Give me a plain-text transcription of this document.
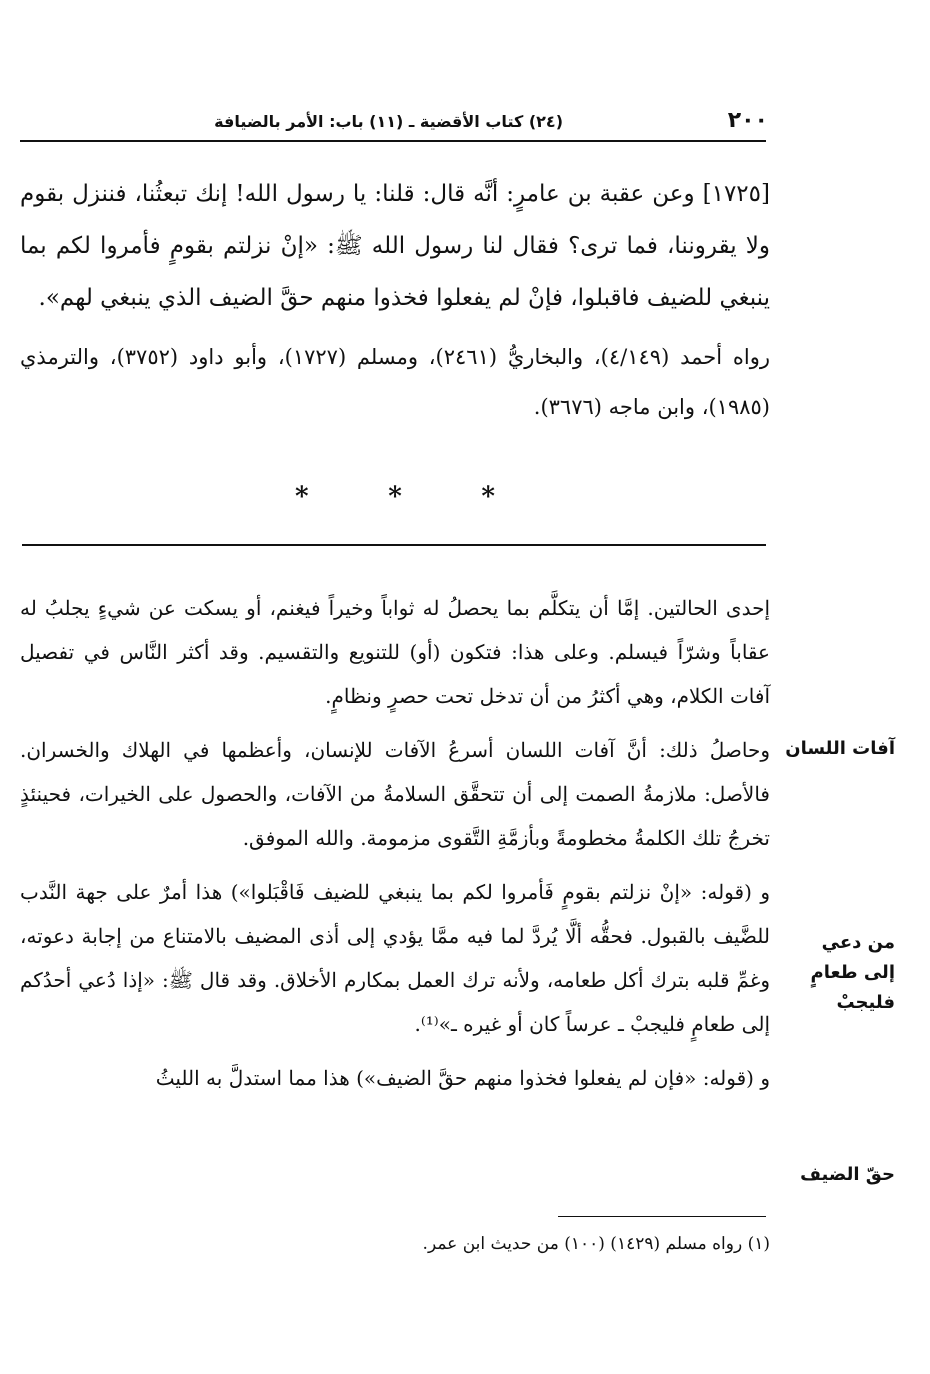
٢٠٠
(٢٤) كتاب الأقضية ـ (١١) باب: الأمر بالضيافة

[١٧٢٥] وعن عقبة بن عامرٍ: أنَّه قال: قلنا: يا رسول الله! إنك تبعثُنا، فننزل بقوم ولا يقروننا، فما ترى؟ فقال لنا رسول الله ﷺ: «إنْ نزلتم بقومٍ فأمروا لكم بما ينبغي للضيف فاقبلوا، فإنْ لم يفعلوا فخذوا منهم حقَّ الضيف الذي ينبغي لهم».

رواه أحمد (٤/١٤٩)، والبخاريُّ (٢٤٦١)، ومسلم (١٧٢٧)، وأبو داود (٣٧٥٢)، والترمذي (١٩٨٥)، وابن ماجه (٣٦٧٦).

*	*	*

إحدى الحالتين. إمَّا أن يتكلَّم بما يحصلُ له ثواباً وخيراً فيغنم، أو يسكت عن شيءٍ يجلبُ له عقاباً وشرّاً فيسلم. وعلى هذا: فتكون (أو) للتنويع والتقسيم. وقد أكثر النَّاس في تفصيل آفات الكلام، وهي أكثرُ من أن تدخل تحت حصرٍ ونظامٍ.

وحاصلُ ذلك: أنَّ آفات اللسان أسرعُ الآفات للإنسان، وأعظمها في الهلاك والخسران. فالأصل: ملازمةُ الصمت إلى أن تتحقَّق السلامةُ من الآفات، والحصول على الخيرات، فحينئذٍ تخرجُ تلك الكلمةُ مخطومةً وبأزمَّةِ التَّقوى مزمومة. والله الموفق.

و (قوله: «إنْ نزلتم بقومٍ فَأمروا لكم بما ينبغي للضيف فَاقْبَلوا») هذا أمرٌ على جهة النَّدب للضَّيف بالقبول. فحقُّه ألَّا يُردَّ لما فيه ممَّا يؤدي إلى أذى المضيف بالامتناع من إجابة دعوته، وغمِّ قلبه بترك أكل طعامه، ولأنه ترك العمل بمكارم الأخلاق. وقد قال ﷺ: «إذا دُعي أحدُكم إلى طعامٍ فليجبْ ـ عرساً كان أو غيره ـ»⁽¹⁾.

و (قوله: «فإن لم يفعلوا فخذوا منهم حقَّ الضيف») هذا مما استدلَّ به الليثُ

آفات اللسان
من دعي إلى طعامٍ فليجبْ
حقّ الضيف
(١) رواه مسلم (١٤٢٩) (١٠٠) من حديث ابن عمر.
